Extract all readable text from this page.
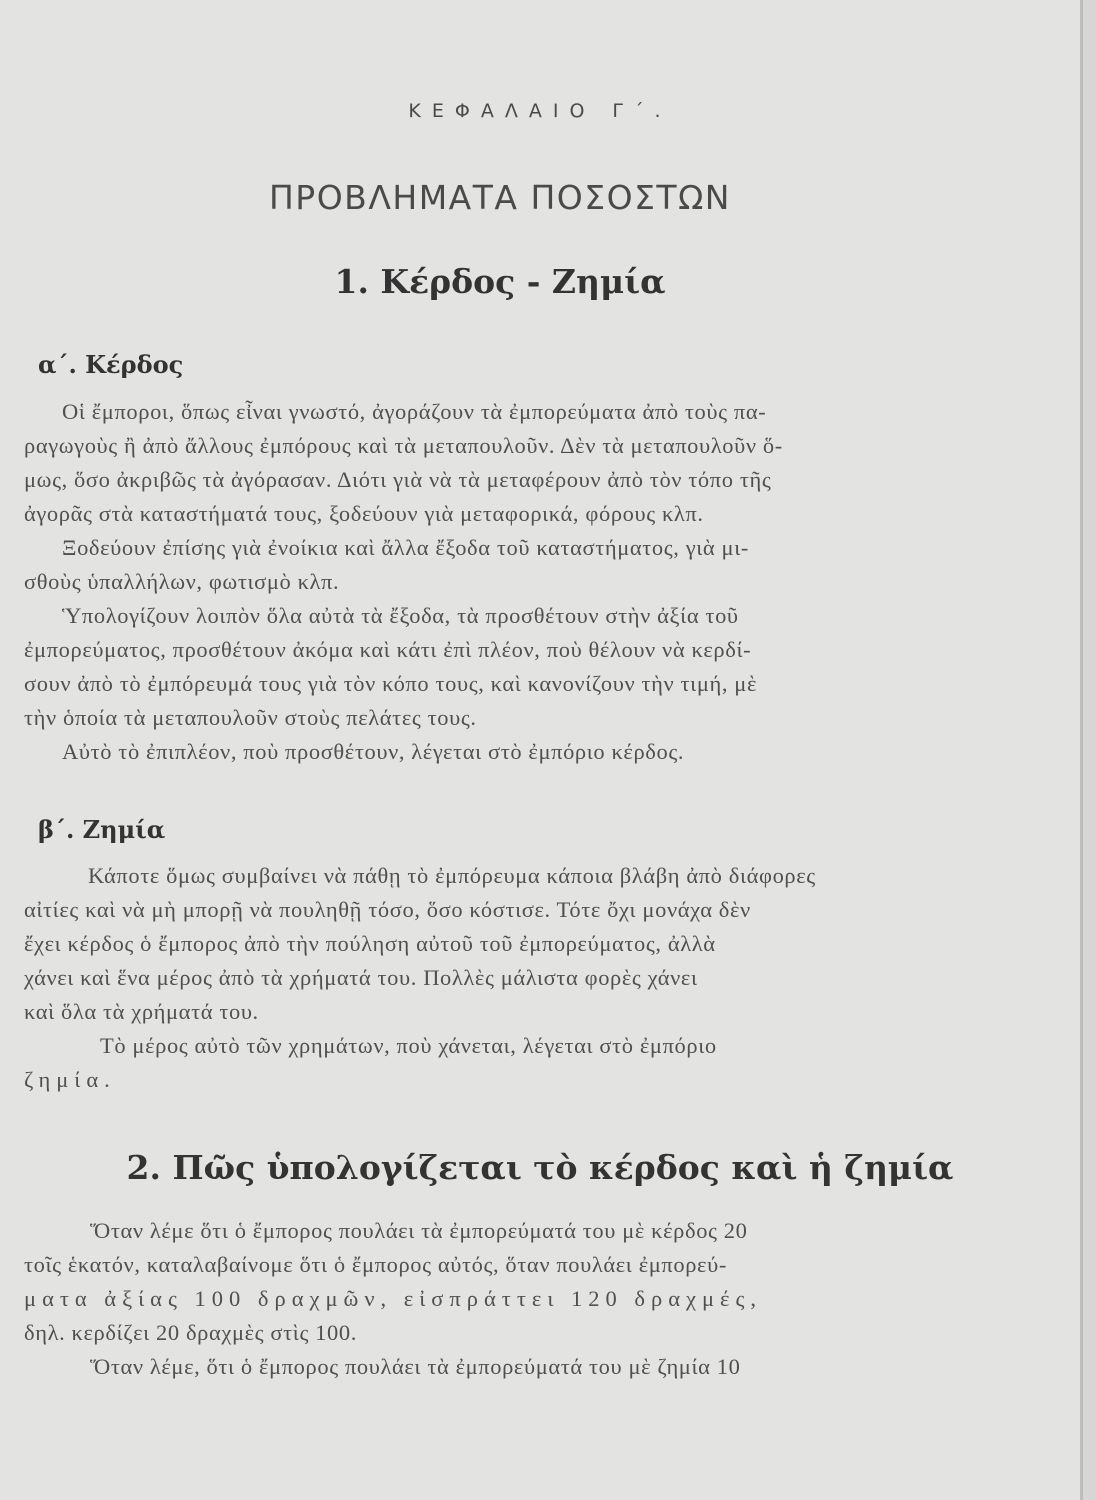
ΚΕΦΑΛΑΙΟ Γ΄.
ΠΡΟΒΛΗΜΑΤΑ ΠΟΣΟΣΤΩΝ
1. Κέρδος - Ζημία
α΄. Κέρδος
Οἱ ἔμποροι, ὅπως εἶναι γνωστό, ἀγοράζουν τὰ ἐμπορεύματα ἀπὸ τοὺς πα-
ραγωγοὺς ἢ ἀπὸ ἄλλους ἐμπόρους καὶ τὰ μεταπουλοῦν. Δὲν τὰ μεταπουλοῦν ὅ-
μως, ὅσο ἀκριβῶς τὰ ἀγόρασαν. Διότι γιὰ νὰ τὰ μεταφέρουν ἀπὸ τὸν τόπο τῆς
ἀγορᾶς στὰ καταστήματά τους, ξοδεύουν γιὰ μεταφορικά, φόρους κλπ.
Ξοδεύουν ἐπίσης γιὰ ἐνοίκια καὶ ἄλλα ἔξοδα τοῦ καταστήματος, γιὰ μι-
σθοὺς ὑπαλλήλων, φωτισμὸ κλπ.
Ὑπολογίζουν λοιπὸν ὅλα αὐτὰ τὰ ἔξοδα, τὰ προσθέτουν στὴν ἀξία τοῦ
ἐμπορεύματος, προσθέτουν ἀκόμα καὶ κάτι ἐπὶ πλέον, ποὺ θέλουν νὰ κερδί-
σουν ἀπὸ τὸ ἐμπόρευμά τους γιὰ τὸν κόπο τους, καὶ κανονίζουν τὴν τιμή, μὲ
τὴν ὁποία τὰ μεταπουλοῦν στοὺς πελάτες τους.
Αὐτὸ τὸ ἐπιπλέον, ποὺ προσθέτουν, λέγεται στὸ ἐμπόριο κέρδος.
β΄. Ζημία
Κάποτε ὅμως συμβαίνει νὰ πάθῃ τὸ ἐμπόρευμα κάποια βλάβη ἀπὸ διάφορες
αἰτίες καὶ νὰ μὴ μπορῇ νὰ πουληθῇ τόσο, ὅσο κόστισε. Τότε ὄχι μονάχα δὲν
ἔχει κέρδος ὁ ἔμπορος ἀπὸ τὴν πούληση αὐτοῦ τοῦ ἐμπορεύματος, ἀλλὰ
χάνει καὶ ἕνα μέρος ἀπὸ τὰ χρήματά του. Πολλὲς μάλιστα φορὲς χάνει
καὶ ὅλα τὰ χρήματά του.
Τὸ μέρος αὐτὸ τῶν χρημάτων, ποὺ χάνεται, λέγεται στὸ ἐμπόριο
ζημία.
2. Πῶς ὑπολογίζεται τὸ κέρδος καὶ ἡ ζημία
Ὅταν λέμε ὅτι ὁ ἔμπορος πουλάει τὰ ἐμπορεύματά του μὲ κέρδος 20
τοῖς ἑκατόν, καταλαβαίνομε ὅτι ὁ ἔμπορος αὐτός, ὅταν πουλάει ἐμπορεύ-
ματα ἀξίας 100 δραχμῶν, εἰσπράττει 120 δραχμές,
δηλ. κερδίζει 20 δραχμὲς στὶς 100.
Ὅταν λέμε, ὅτι ὁ ἔμπορος πουλάει τὰ ἐμπορεύματά του μὲ ζημία 10
